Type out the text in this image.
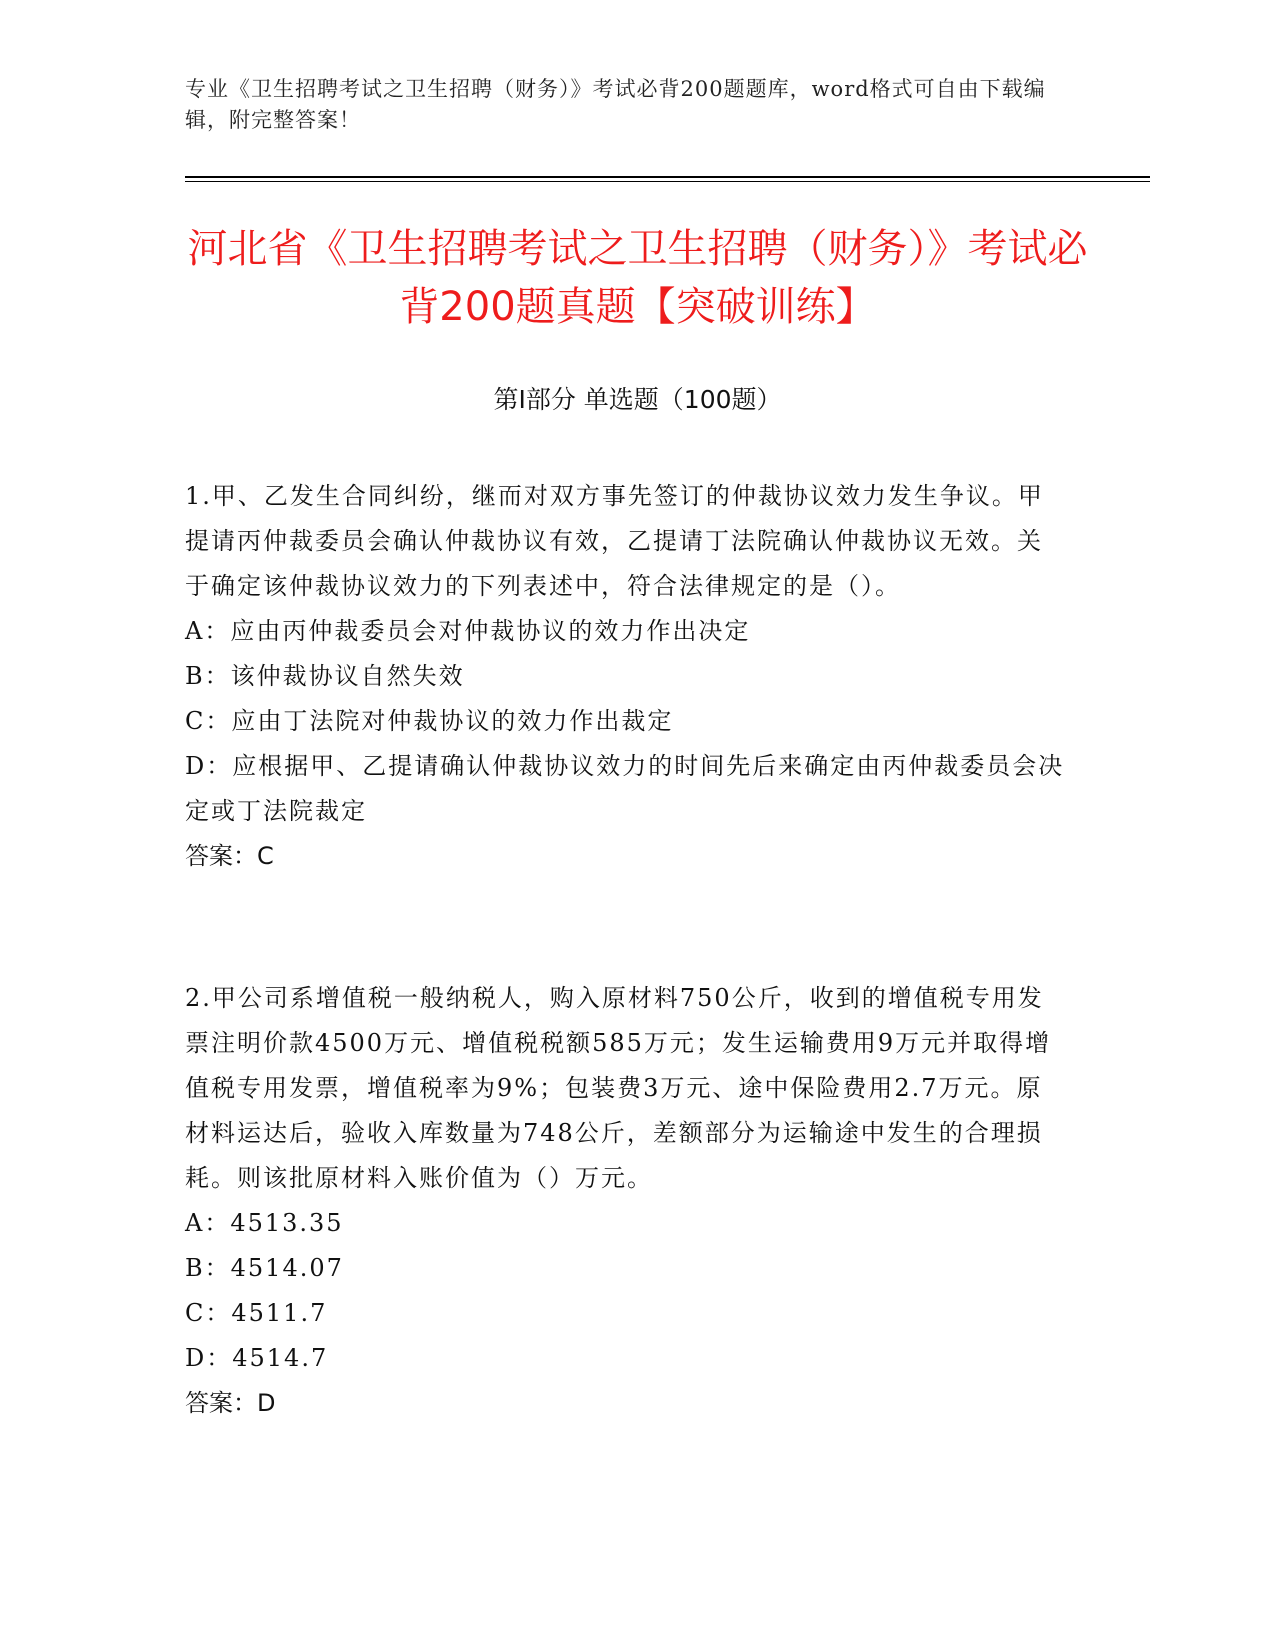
专业《卫生招聘考试之卫生招聘（财务）》考试必背200题题库，word格式可自由下载编辑，附完整答案！
河北省《卫生招聘考试之卫生招聘（财务）》考试必背200题真题【突破训练】
第I部分 单选题（100题）

1.甲、乙发生合同纠纷，继而对双方事先签订的仲裁协议效力发生争议。甲提请丙仲裁委员会确认仲裁协议有效，乙提请丁法院确认仲裁协议无效。关于确定该仲裁协议效力的下列表述中，符合法律规定的是（）。

A：应由丙仲裁委员会对仲裁协议的效力作出决定

B：该仲裁协议自然失效

C：应由丁法院对仲裁协议的效力作出裁定

D：应根据甲、乙提请确认仲裁协议效力的时间先后来确定由丙仲裁委员会决定或丁法院裁定

答案：C

2.甲公司系增值税一般纳税人，购入原材料750公斤，收到的增值税专用发票注明价款4500万元、增值税税额585万元；发生运输费用9万元并取得增值税专用发票，增值税率为9%；包装费3万元、途中保险费用2.7万元。原材料运达后，验收入库数量为748公斤，差额部分为运输途中发生的合理损耗。则该批原材料入账价值为（）万元。

A：4513.35

B：4514.07

C：4511.7

D：4514.7

答案：D
